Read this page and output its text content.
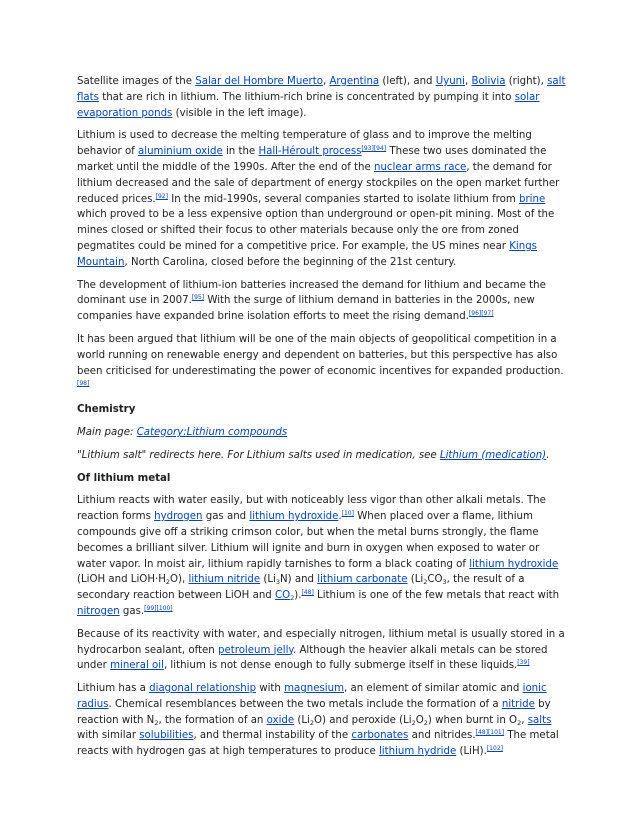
Satellite images of the Salar del Hombre Muerto, Argentina (left), and Uyuni, Bolivia (right), salt flats that are rich in lithium. The lithium-rich brine is concentrated by pumping it into solar evaporation ponds (visible in the left image).

Lithium is used to decrease the melting temperature of glass and to improve the melting behavior of aluminium oxide in the Hall-Héroult process[93][94] These two uses dominated the market until the middle of the 1990s. After the end of the nuclear arms race, the demand for lithium decreased and the sale of department of energy stockpiles on the open market further reduced prices.[92] In the mid-1990s, several companies started to isolate lithium from brine which proved to be a less expensive option than underground or open-pit mining. Most of the mines closed or shifted their focus to other materials because only the ore from zoned pegmatites could be mined for a competitive price. For example, the US mines near Kings Mountain, North Carolina, closed before the beginning of the 21st century.

The development of lithium-ion batteries increased the demand for lithium and became the dominant use in 2007.[95] With the surge of lithium demand in batteries in the 2000s, new companies have expanded brine isolation efforts to meet the rising demand.[96][97]

It has been argued that lithium will be one of the main objects of geopolitical competition in a world running on renewable energy and dependent on batteries, but this perspective has also been criticised for underestimating the power of economic incentives for expanded production.[98]

Chemistry

Main page: Category:Lithium compounds

"Lithium salt" redirects here. For Lithium salts used in medication, see Lithium (medication).

Of lithium metal

Lithium reacts with water easily, but with noticeably less vigor than other alkali metals. The reaction forms hydrogen gas and lithium hydroxide.[10] When placed over a flame, lithium compounds give off a striking crimson color, but when the metal burns strongly, the flame becomes a brilliant silver. Lithium will ignite and burn in oxygen when exposed to water or water vapor. In moist air, lithium rapidly tarnishes to form a black coating of lithium hydroxide (LiOH and $LiOH\cdot H_2O$), lithium nitride $(Li_3N)$ and lithium carbonate ($Li_2CO_3$, the result of a secondary reaction between LiOH and $CO_2).[48]$ Lithium is one of the few metals that react with nitrogen gas.[99][100]

Because of its reactivity with water, and especially nitrogen, lithium metal is usually stored in a hydrocarbon sealant, often petroleum jelly. Although the heavier alkali metals can be stored under mineral oil, lithium is not dense enough to fully submerge itself in these liquids.[39]

Lithium has a diagonal relationship with magnesium, an element of similar atomic and ionic radius. Chemical resemblances between the two metals include the formation of a nitride by reaction with $N_2$, the formation of an oxide $(Li_2O)$ and peroxide $(Li_2O_2)$ when burnt in $O_2$, salts with similar solubilities, and thermal instability of the carbonates and nitrides.[48][101] The metal reacts with hydrogen gas at high temperatures to produce lithium hydride (LiH).[102]
